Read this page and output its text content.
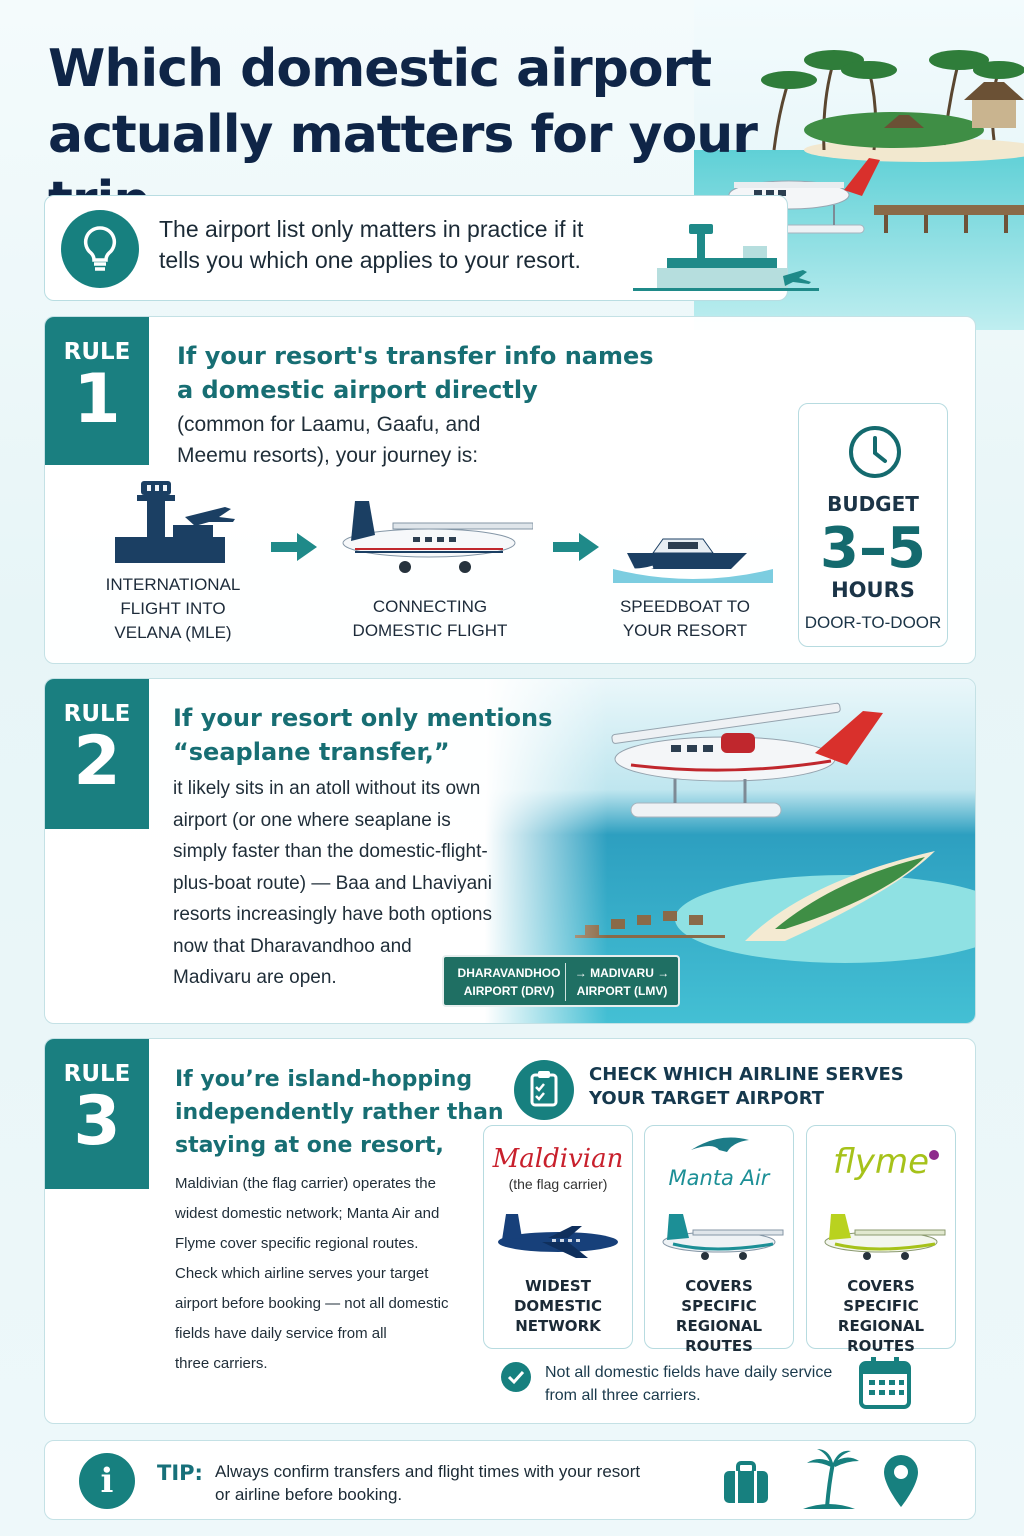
Which domestic airport
actually matters for your

The airport list only matters in practice if it tells you which one applies to your resort.

RULE
1
If your resort's transfer info names
a domestic airport directly
(common for Laamu, Gaafu, and
Meemu resorts), your journey is:
INTERNATIONAL
FLIGHT INTO
VELANA (MLE)
CONNECTING
DOMESTIC FLIGHT
SPEEDBOAT TO
YOUR RESORT
BUDGET
3–5
HOURS
DOOR-TO-DOOR
RULE
2
If your resort only mentions
“seaplane transfer,”
it likely sits in an atoll without its own
airport (or one where seaplane is
simply faster than the domestic-flight-
plus-boat route) — Baa and Lhaviyani
resorts increasingly have both options
now that Dharavandhoo and
Madivaru are open.	DHARAVANDHOO
AIRPORT (DRV)
→ MADIVARU →
AIRPORT (LMV)
RULE
3
If you’re island-hopping
independently rather than
staying at one resort,
Maldivian (the flag carrier) operates the
widest domestic network; Manta Air and
Flyme cover specific regional routes.
Check which airline serves your target
airport before booking — not all domestic
fields have daily service from all
three carriers.
CHECK WHICH AIRLINE SERVES
YOUR TARGET AIRPORT
Maldivian
(the flag carrier)
WIDEST
DOMESTIC
NETWORK
Manta Air
COVERS
SPECIFIC
REGIONAL ROUTES
flyme
COVERS
SPECIFIC
REGIONAL ROUTES
Not all domestic fields have daily service
from all three carriers.
i	TIP: Always confirm transfers and flight times with your resort
or airline before booking.
